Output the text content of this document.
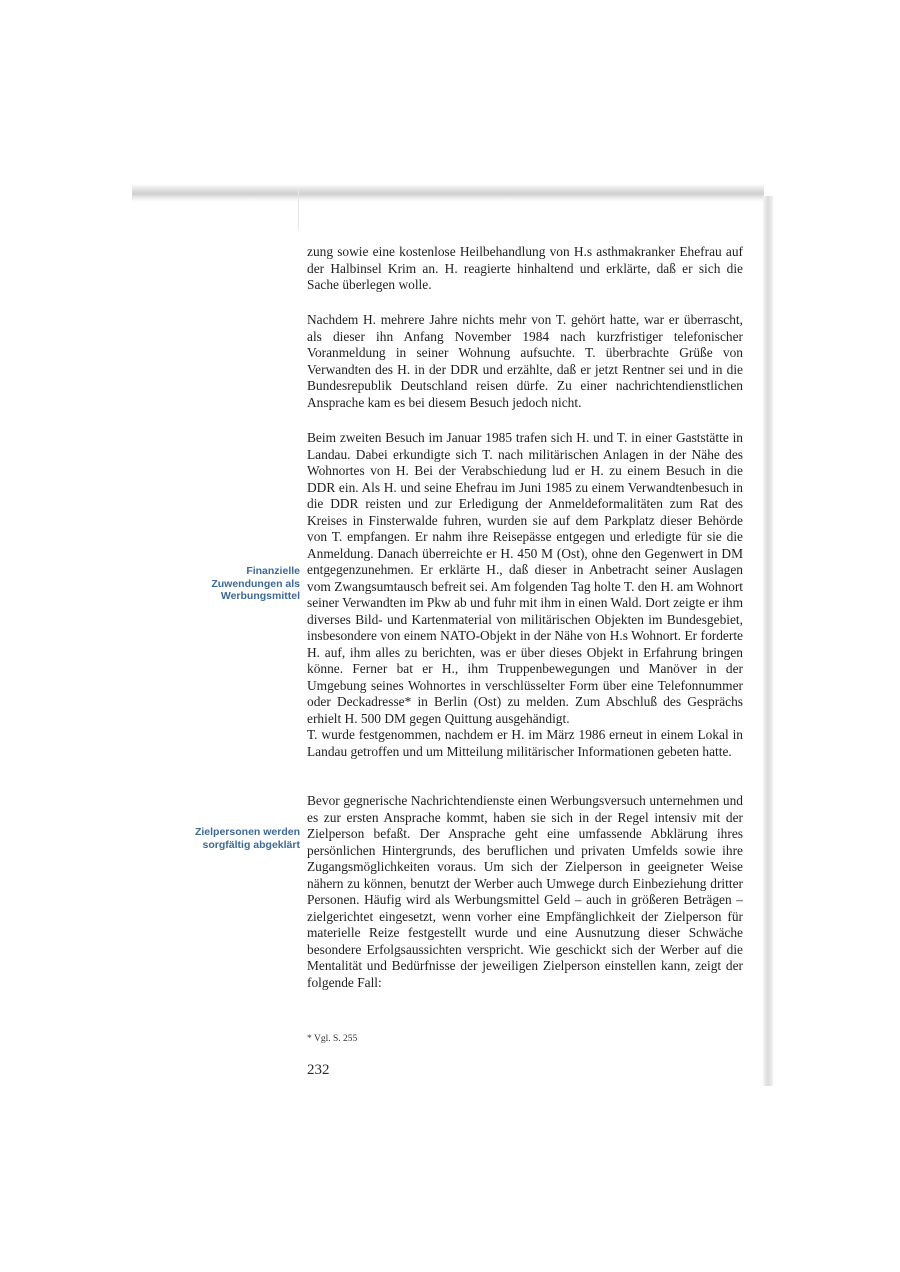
Finanzielle
Zuwendungen als
Werbungsmittel
Zielpersonen werden
sorgfältig abgeklärt

zung sowie eine kostenlose Heilbehandlung von H.s asthmakranker Ehefrau auf der Halbinsel Krim an. H. reagierte hinhaltend und erklärte, daß er sich die Sache überlegen wolle.

Nachdem H. mehrere Jahre nichts mehr von T. gehört hatte, war er überrascht, als dieser ihn Anfang November 1984 nach kurzfristiger telefonischer Voranmeldung in seiner Wohnung aufsuchte. T. überbrachte Grüße von Verwandten des H. in der DDR und erzählte, daß er jetzt Rentner sei und in die Bundesrepublik Deutschland reisen dürfe. Zu einer nachrichtendienstlichen Ansprache kam es bei diesem Besuch jedoch nicht.

Beim zweiten Besuch im Januar 1985 trafen sich H. und T. in einer Gaststätte in Landau. Dabei erkundigte sich T. nach militärischen Anlagen in der Nähe des Wohnortes von H. Bei der Verabschiedung lud er H. zu einem Besuch in die DDR ein. Als H. und seine Ehefrau im Juni 1985 zu einem Verwandtenbesuch in die DDR reisten und zur Erledigung der Anmeldeformalitäten zum Rat des Kreises in Finsterwalde fuhren, wurden sie auf dem Parkplatz dieser Behörde von T. empfangen. Er nahm ihre Reisepässe entgegen und erledigte für sie die Anmeldung. Danach überreichte er H. 450 M (Ost), ohne den Gegenwert in DM entgegenzunehmen. Er erklärte H., daß dieser in Anbetracht seiner Auslagen vom Zwangsumtausch befreit sei. Am folgenden Tag holte T. den H. am Wohnort seiner Verwandten im Pkw ab und fuhr mit ihm in einen Wald. Dort zeigte er ihm diverses Bild- und Kartenmaterial von militärischen Objekten im Bundesgebiet, insbesondere von einem NATO-Objekt in der Nähe von H.s Wohnort. Er forderte H. auf, ihm alles zu berichten, was er über dieses Objekt in Erfahrung bringen könne. Ferner bat er H., ihm Truppenbewegungen und Manöver in der Umgebung seines Wohnortes in verschlüsselter Form über eine Telefonnummer oder Deckadresse* in Berlin (Ost) zu melden. Zum Abschluß des Gesprächs erhielt H. 500 DM gegen Quittung ausgehändigt.

T. wurde festgenommen, nachdem er H. im März 1986 erneut in einem Lokal in Landau getroffen und um Mitteilung militärischer Informationen gebeten hatte.

Bevor gegnerische Nachrichtendienste einen Werbungsversuch unternehmen und es zur ersten Ansprache kommt, haben sie sich in der Regel intensiv mit der Zielperson befaßt. Der Ansprache geht eine umfassende Abklärung ihres persönlichen Hintergrunds, des beruflichen und privaten Umfelds sowie ihre Zugangsmöglichkeiten voraus. Um sich der Zielperson in geeigneter Weise nähern zu können, benutzt der Werber auch Umwege durch Einbeziehung dritter Personen. Häufig wird als Werbungsmittel Geld – auch in größeren Beträgen – zielgerichtet eingesetzt, wenn vorher eine Empfänglichkeit der Zielperson für materielle Reize festgestellt wurde und eine Ausnutzung dieser Schwäche besondere Erfolgsaussichten verspricht. Wie geschickt sich der Werber auf die Mentalität und Bedürfnisse der jeweiligen Zielperson einstellen kann, zeigt der folgende Fall:

* Vgl. S. 255
232
